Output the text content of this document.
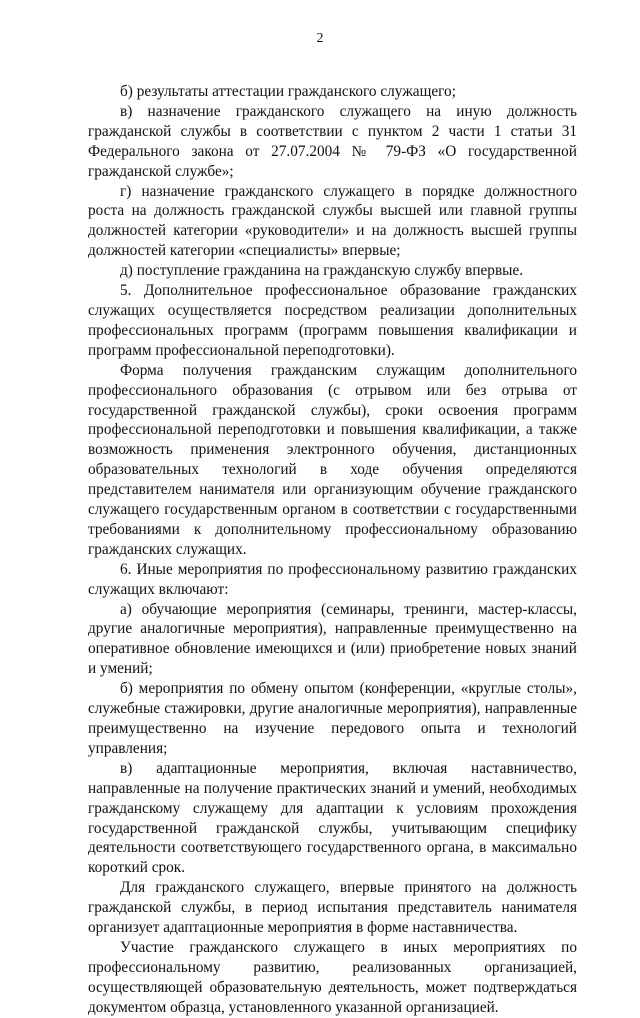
2

б) результаты аттестации гражданского служащего;

в) назначение гражданского служащего на иную должность гражданской службы в соответствии с пунктом 2 части 1 статьи 31 Федерального закона от 27.07.2004 № 79-ФЗ «О государственной гражданской службе»;

г) назначение гражданского служащего в порядке должностного роста на должность гражданской службы высшей или главной группы должностей категории «руководители» и на должность высшей группы должностей категории «специалисты» впервые;

д) поступление гражданина на гражданскую службу впервые.

5. Дополнительное профессиональное образование гражданских служащих осуществляется посредством реализации дополнительных профессиональных программ (программ повышения квалификации и программ профессиональной переподготовки).

Форма получения гражданским служащим дополнительного профессионального образования (с отрывом или без отрыва от государственной гражданской службы), сроки освоения программ профессиональной переподготовки и повышения квалификации, а также возможность применения электронного обучения, дистанционных образовательных технологий в ходе обучения определяются представителем нанимателя или организующим обучение гражданского служащего государственным органом в соответствии с государственными требованиями к дополнительному профессиональному образованию гражданских служащих.

6. Иные мероприятия по профессиональному развитию гражданских служащих включают:

а) обучающие мероприятия (семинары, тренинги, мастер-классы, другие аналогичные мероприятия), направленные преимущественно на оперативное обновление имеющихся и (или) приобретение новых знаний и умений;

б) мероприятия по обмену опытом (конференции, «круглые столы», служебные стажировки, другие аналогичные мероприятия), направленные преимущественно на изучение передового опыта и технологий управления;

в) адаптационные мероприятия, включая наставничество, направленные на получение практических знаний и умений, необходимых гражданскому служащему для адаптации к условиям прохождения государственной гражданской службы, учитывающим специфику деятельности соответствующего государственного органа, в максимально короткий срок.

Для гражданского служащего, впервые принятого на должность гражданской службы, в период испытания представитель нанимателя организует адаптационные мероприятия в форме наставничества.

Участие гражданского служащего в иных мероприятиях по профессиональному развитию, реализованных организацией, осуществляющей образовательную деятельность, может подтверждаться документом образца, установленного указанной организацией.
